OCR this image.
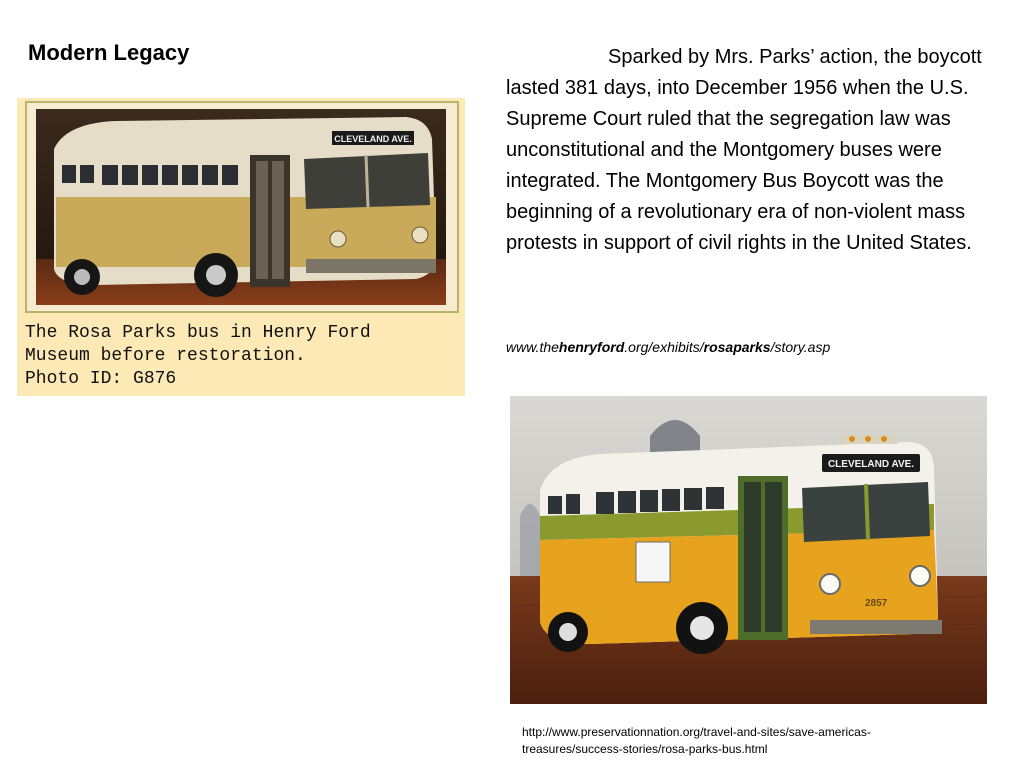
Modern Legacy	Sparked by Mrs. Parks’ action, the boycott lasted 381 days, into December 1956 when the U.S. Supreme Court ruled that the segregation law was unconstitutional and the Montgomery buses were integrated. The Montgomery Bus Boycott was the beginning of a revolutionary era of non-violent mass protests in support of civil rights in the United States.
www.thehenryford.org/exhibits/rosaparks/story.asp
CLEVELAND AVE.
The Rosa Parks bus in Henry Ford
Museum before restoration.
Photo ID: G876
CLEVELAND AVE.
2857
http://www.preservationnation.org/travel-and-sites/save-americas-treasures/success-stories/rosa-parks-bus.html
